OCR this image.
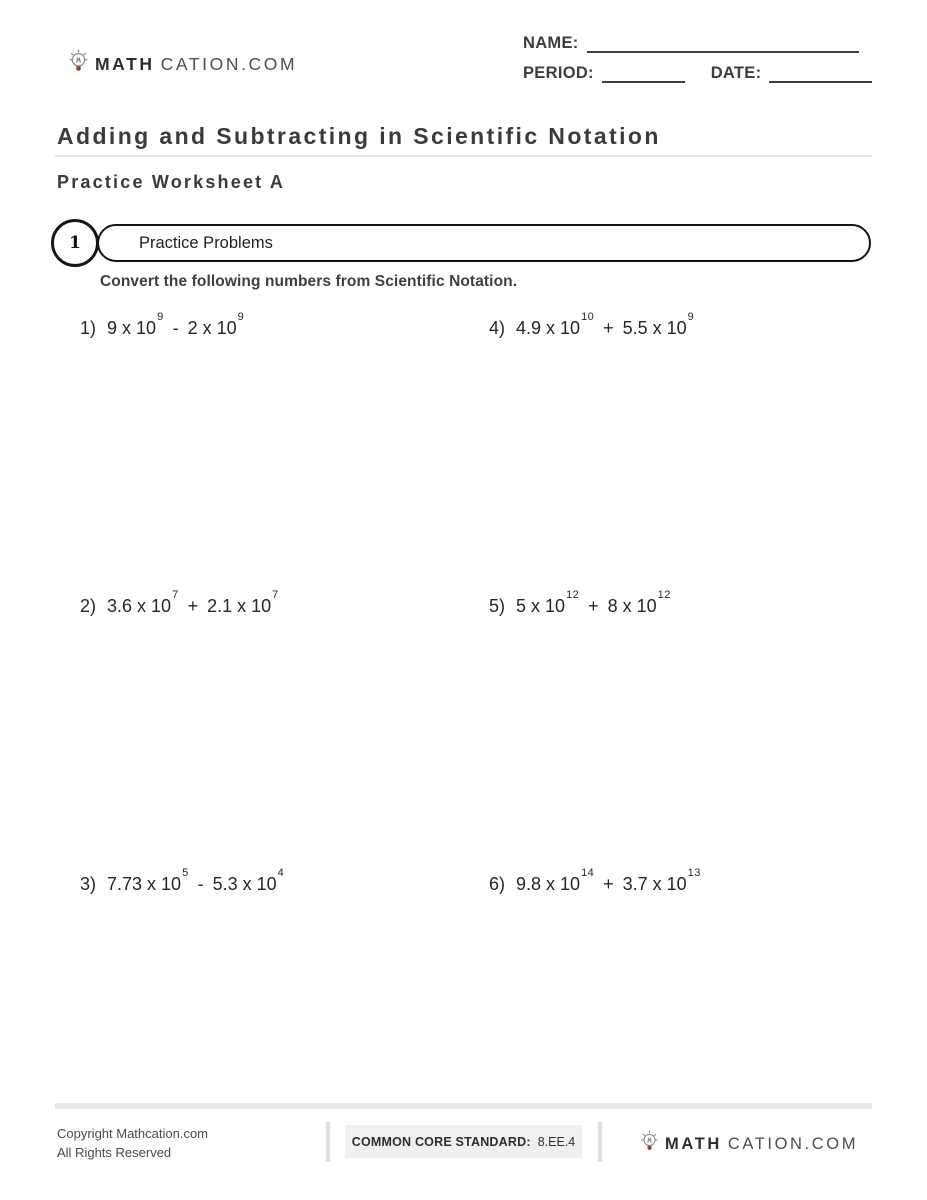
MATH CATION.COM
NAME:
PERIOD:	DATE:
Adding and Subtracting in Scientific Notation
Practice Worksheet A
Practice Problems
1
Convert the following numbers from Scientific Notation.
1) 9 x $10^9-$ 2 x $10^9$
4) 4.9 x $10^{10}+ 5.5$ x $10^9$
2) 3.6 x $10^7+ 2.1$ x $10^7$
5) 5 x $10^{12}+ 8$ x $10^{12}$
3) 7.73 x $10^5-$ 5.3 x $10^4$
6) 9.8 x $10^{14}+ 3.7$ x $10^{13}$
Copyright Mathcation.com
All Rights Reserved
COMMON CORE STANDARD: 8.EE.4	MATH CATION.COM
